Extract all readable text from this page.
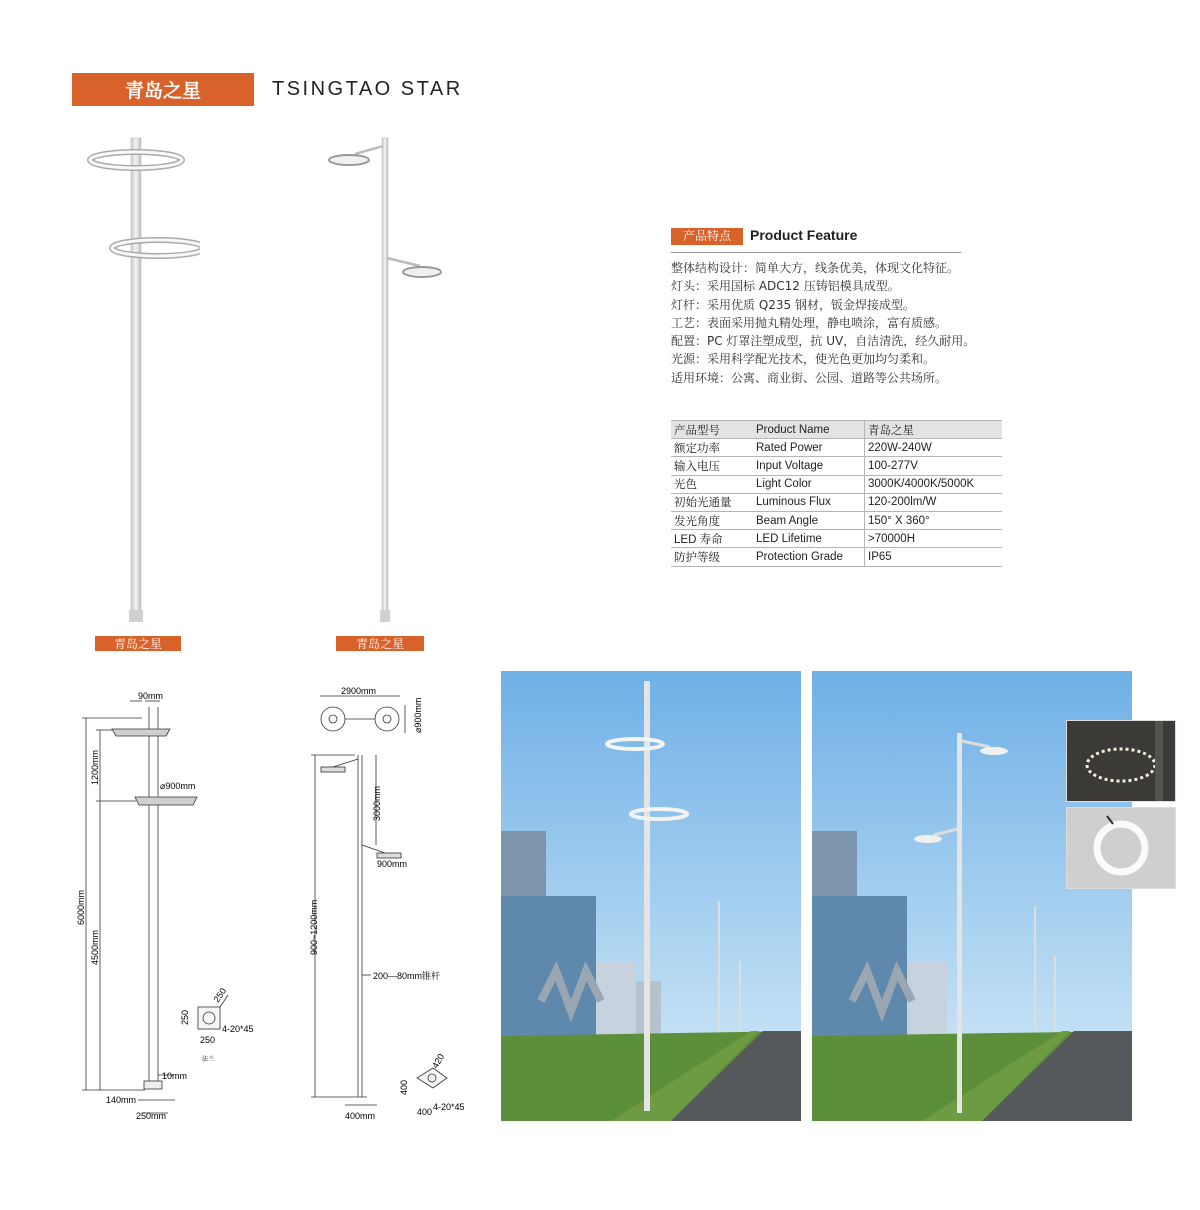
青岛之星	TSINGTAO STAR
青岛之星	青岛之星
产品特点	Product Feature
整体结构设计：简单大方，线条优美，体现文化特征。
灯头：采用国标 ADC12 压铸铝模具成型。
灯杆：采用优质 Q235 钢材，钣金焊接成型。
工艺：表面采用抛丸精处理，静电喷涂，富有质感。
配置：PC 灯罩注塑成型，抗 UV，自洁清洗，经久耐用。
光源：采用科学配光技术，使光色更加均匀柔和。
适用环境：公寓、商业街、公园、道路等公共场所。
产品型号	Product Name	青岛之星
额定功率	Rated Power	220W-240W
输入电压	Input Voltage	100-277V
光色	Light Color	3000K/4000K/5000K
初始光通量	Luminous Flux	120-200lm/W
发光角度	Beam Angle	150° X 360°
LED 寿命	LED Lifetime	>70000H
防护等级	Protection Grade	IP65
90mm
⌀900mm
1200mm
6000mm
4500mm
10mm
140mm
250mm
250
250
250
4-20*45
法兰
2900mm
⌀900mm
3000mm
900mm
900~1200mm
200—80mm锥杆
400mm
400
420
400 4-20*45
